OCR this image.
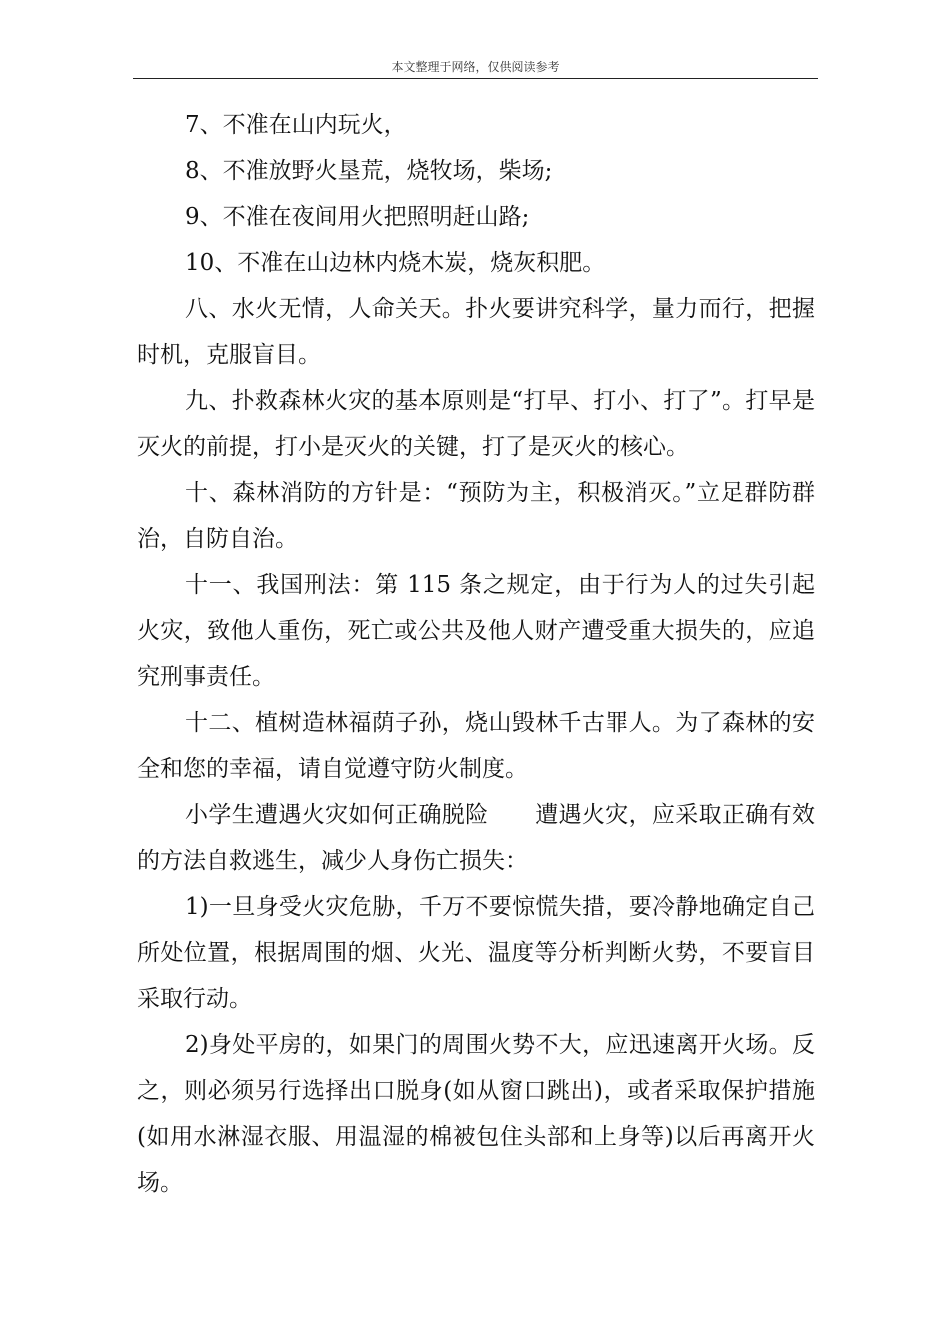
本文整理于网络，仅供阅读参考

7、不准在山内玩火，

8、不准放野火垦荒，烧牧场，柴场;

9、不准在夜间用火把照明赶山路;

10、不准在山边林内烧木炭，烧灰积肥。

八、水火无情，人命关天。扑火要讲究科学，量力而行，把握时机，克服盲目。

九、扑救森林火灾的基本原则是“打早、打小、打了”。打早是灭火的前提，打小是灭火的关键，打了是灭火的核心。

十、森林消防的方针是：“预防为主，积极消灭。”立足群防群治，自防自治。

十一、我国刑法：第 115 条之规定，由于行为人的过失引起火灾，致他人重伤，死亡或公共及他人财产遭受重大损失的，应追究刑事责任。

十二、植树造林福荫子孙，烧山毁林千古罪人。为了森林的安全和您的幸福，请自觉遵守防火制度。

小学生遭遇火灾如何正确脱险　　遭遇火灾，应采取正确有效的方法自救逃生，减少人身伤亡损失：

1)一旦身受火灾危胁，千万不要惊慌失措，要冷静地确定自己所处位置，根据周围的烟、火光、温度等分析判断火势，不要盲目采取行动。

2)身处平房的，如果门的周围火势不大，应迅速离开火场。反之，则必须另行选择出口脱身(如从窗口跳出)，或者采取保护措施(如用水淋湿衣服、用温湿的棉被包住头部和上身等)以后再离开火场。
